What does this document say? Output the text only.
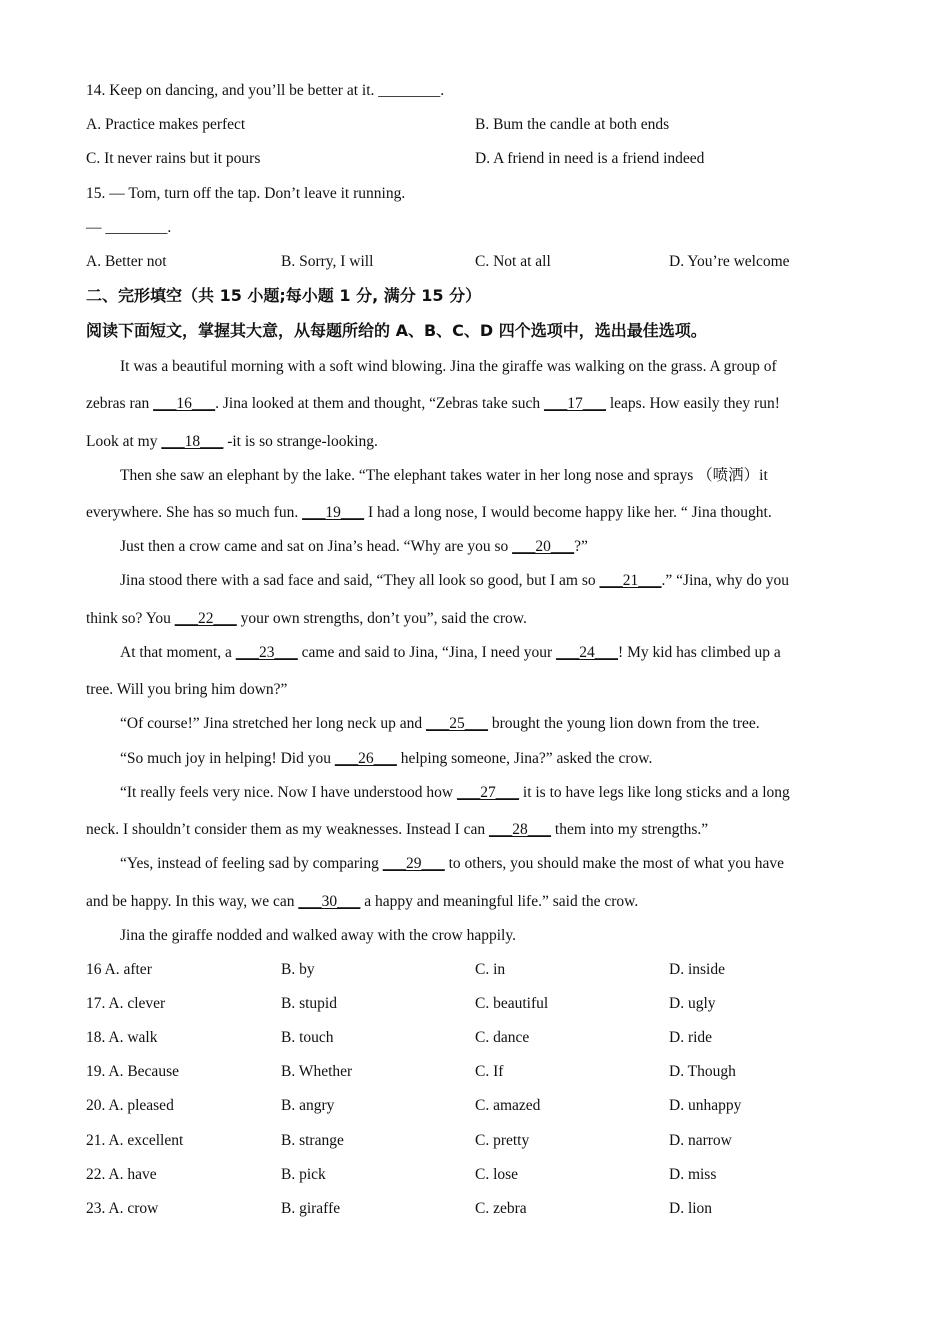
14. Keep on dancing, and you’ll be better at it. ________.
A. Practice makes perfect	B. Bum the candle at both ends
C. It never rains but it pours	D. A friend in need is a friend indeed
15. — Tom, turn off the tap. Don’t leave it running.
— ________.
A. Better not	B. Sorry, I will	C. Not at all	D. You’re welcome
二、完形填空（共 15 小题;每小题 1 分, 满分 15 分）
阅读下面短文，掌握其大意，从每题所给的 A、B、C、D 四个选项中，选出最佳选项。
It was a beautiful morning with a soft wind blowing. Jina the giraffe was walking on the grass. A group of
zebras ran ___16___. Jina looked at them and thought, “Zebras take such ___17___ leaps. How easily they run!
Look at my ___18___ -it is so strange-looking.
Then she saw an elephant by the lake. “The elephant takes water in her long nose and sprays （喷洒）it
everywhere. She has so much fun. ___19___ I had a long nose, I would become happy like her. “ Jina thought.
Just then a crow came and sat on Jina’s head. “Why are you so ___20___?”
Jina stood there with a sad face and said, “They all look so good, but I am so ___21___.” “Jina, why do you
think so? You ___22___ your own strengths, don’t you”, said the crow.
At that moment, a ___23___ came and said to Jina, “Jina, I need your ___24___! My kid has climbed up a
tree. Will you bring him down?”
“Of course!” Jina stretched her long neck up and ___25___ brought the young lion down from the tree.
“So much joy in helping! Did you ___26___ helping someone, Jina?” asked the crow.
“It really feels very nice. Now I have understood how ___27___ it is to have legs like long sticks and a long
neck. I shouldn’t consider them as my weaknesses. Instead I can ___28___ them into my strengths.”
“Yes, instead of feeling sad by comparing ___29___ to others, you should make the most of what you have
and be happy. In this way, we can ___30___ a happy and meaningful life.” said the crow.
Jina the giraffe nodded and walked away with the crow happily.
16 A. after	B. by	C. in	D. inside
17. A. clever	B. stupid	C. beautiful	D. ugly
18. A. walk	B. touch	C. dance	D. ride
19. A. Because	B. Whether	C. If	D. Though
20. A. pleased	B. angry	C. amazed	D. unhappy
21. A. excellent	B. strange	C. pretty	D. narrow
22. A. have	B. pick	C. lose	D. miss
23. A. crow	B. giraffe	C. zebra	D. lion
